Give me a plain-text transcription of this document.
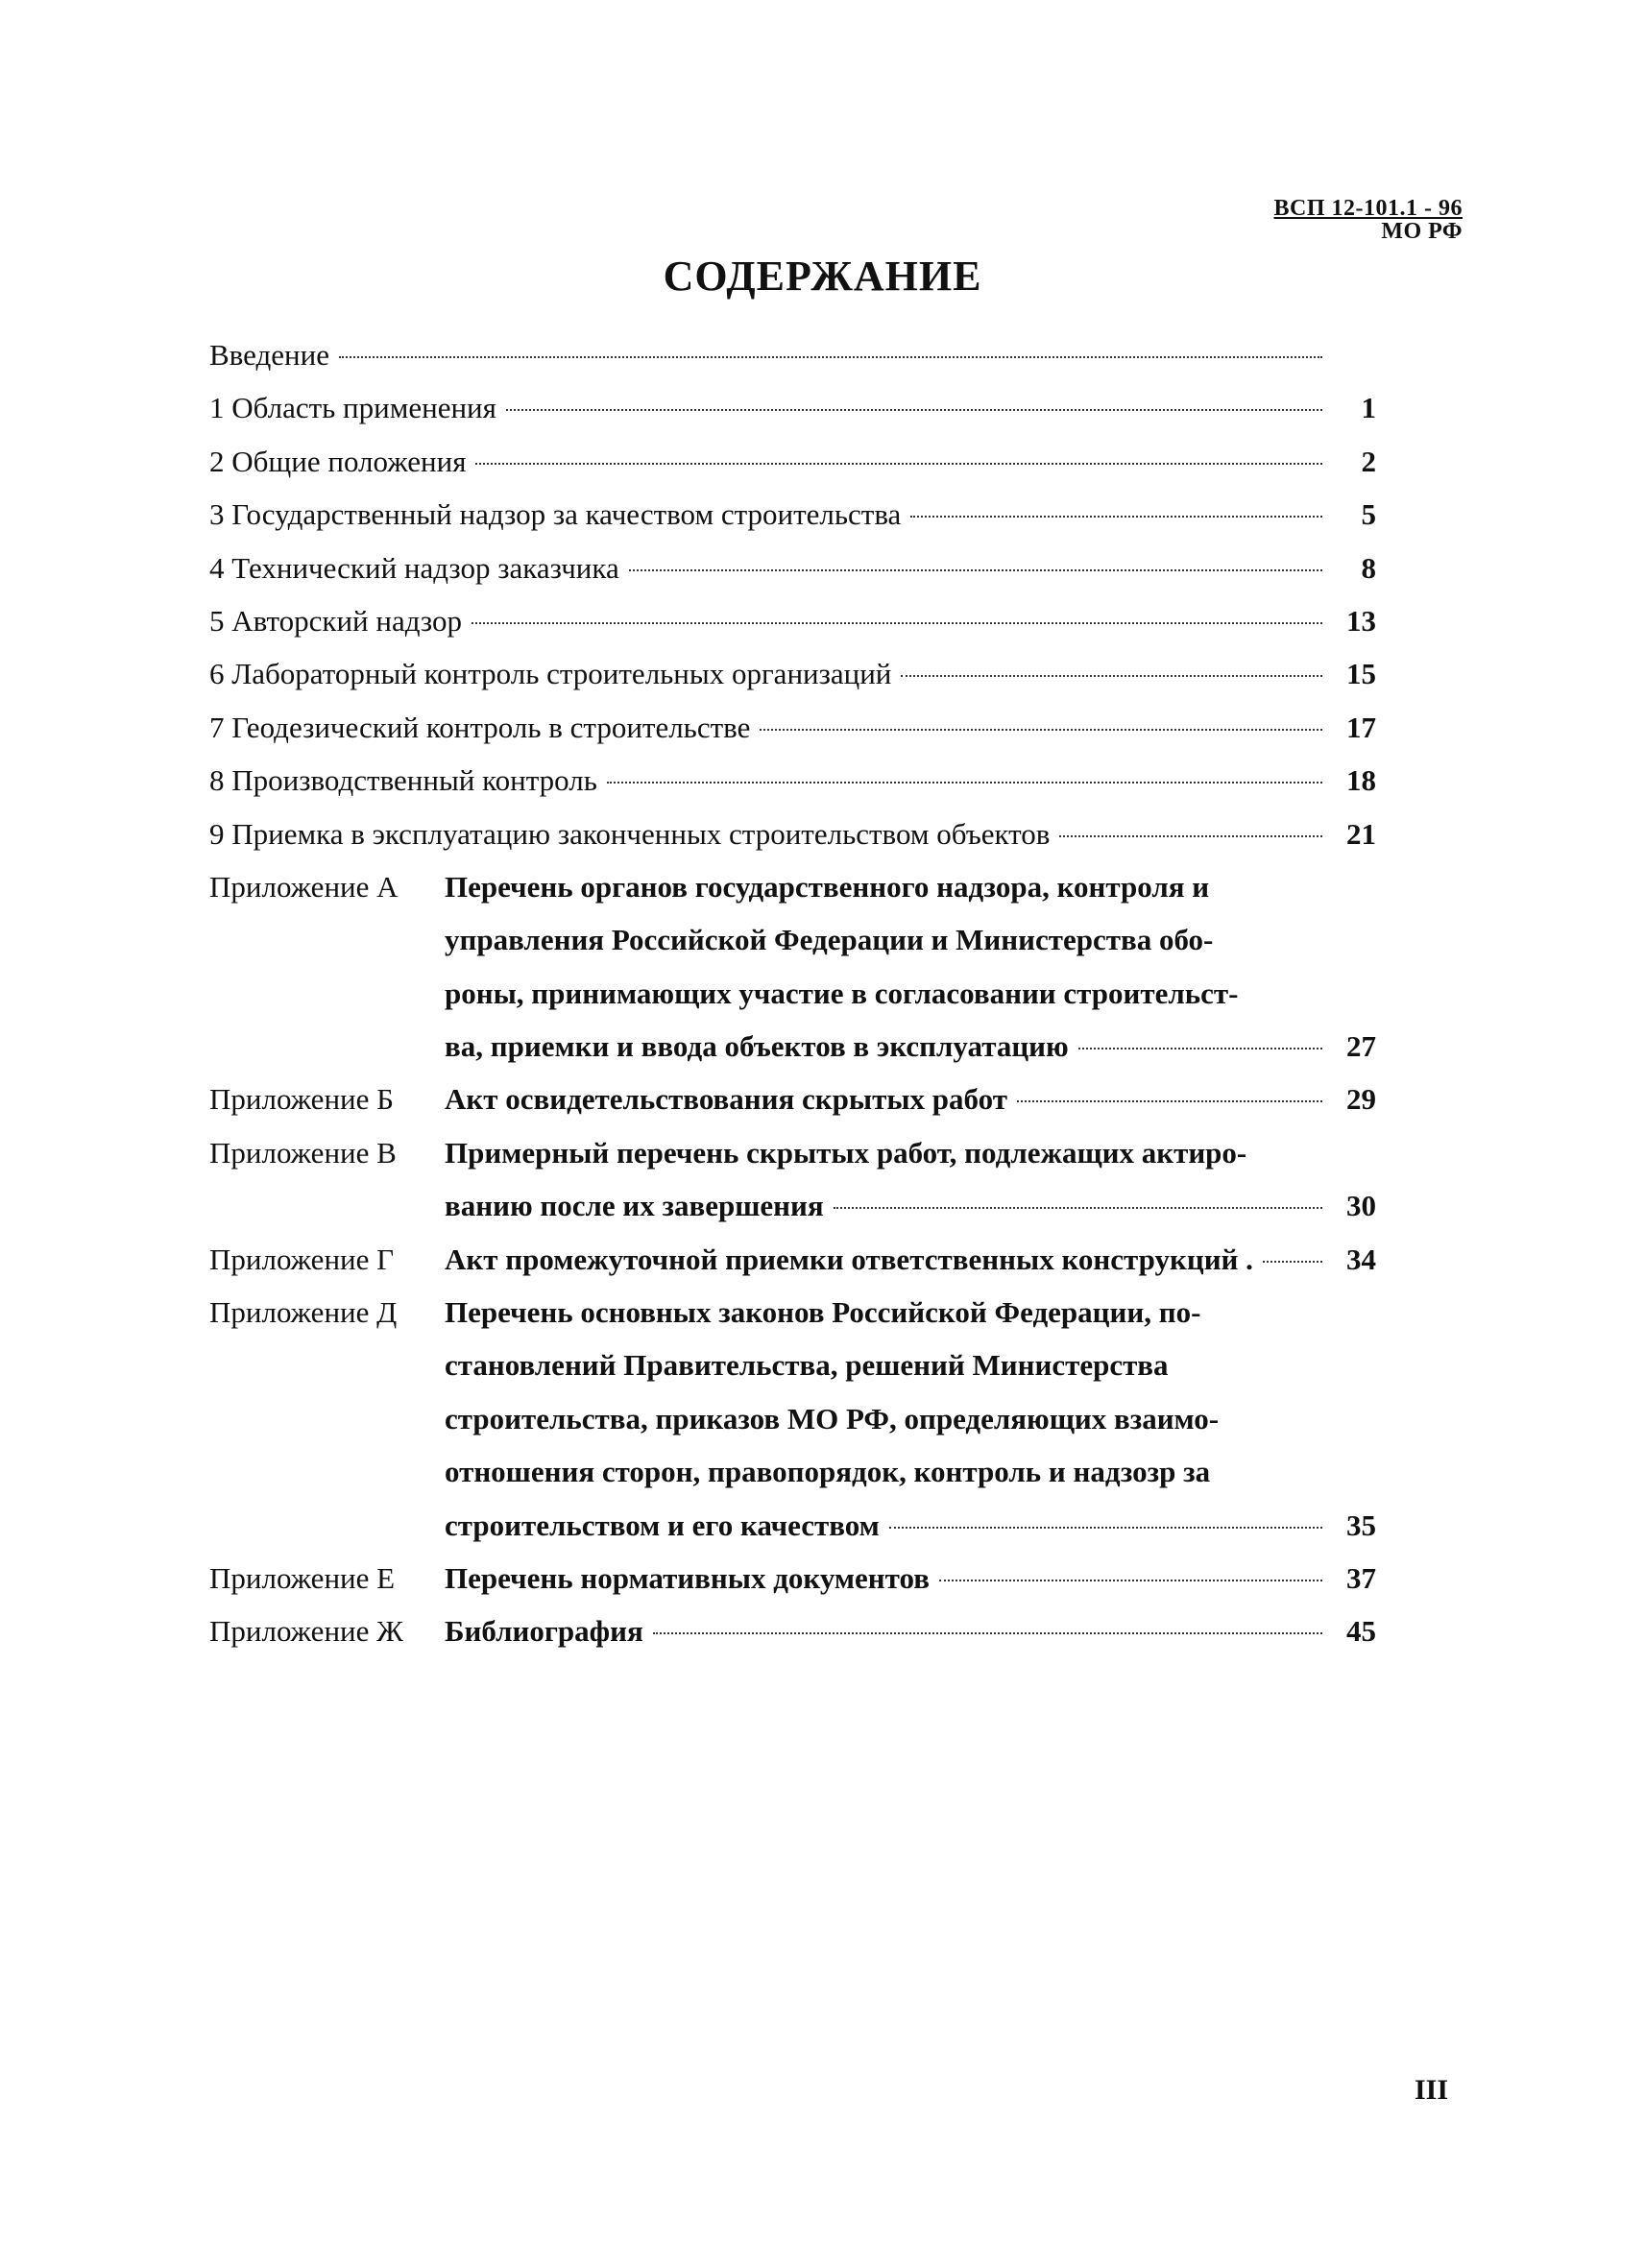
ВСП 12-101.1 - 96
МО РФ
СОДЕРЖАНИЕ
Введение
1 Область применения	1
2 Общие положения	2
3 Государственный надзор за качеством строительства	5
4 Технический надзор заказчика	8
5 Авторский надзор	13
6 Лабораторный контроль строительных организаций	15
7 Геодезический контроль в строительстве	17
8 Производственный контроль	18
9 Приемка в эксплуатацию законченных строительством объектов	21
Приложение А	Перечень органов государственного надзора, контроля и
управления Российской Федерации и Министерства обо-
роны, принимающих участие в согласовании строительст-
ва, приемки и ввода объектов в эксплуатацию	27
Приложение Б	Акт освидетельствования скрытых работ	29
Приложение В	Примерный перечень скрытых работ, подлежащих актиро-
ванию после их завершения	30
Приложение Г	Акт промежуточной приемки ответственных конструкций .	34
Приложение Д	Перечень основных законов Российской Федерации, по-
становлений Правительства, решений Министерства
строительства, приказов МО РФ, определяющих взаимо-
отношения сторон, правопорядок, контроль и надзозр за
строительством и его качеством	35
Приложение Е	Перечень нормативных документов	37
Приложение Ж	Библиография	45
III
